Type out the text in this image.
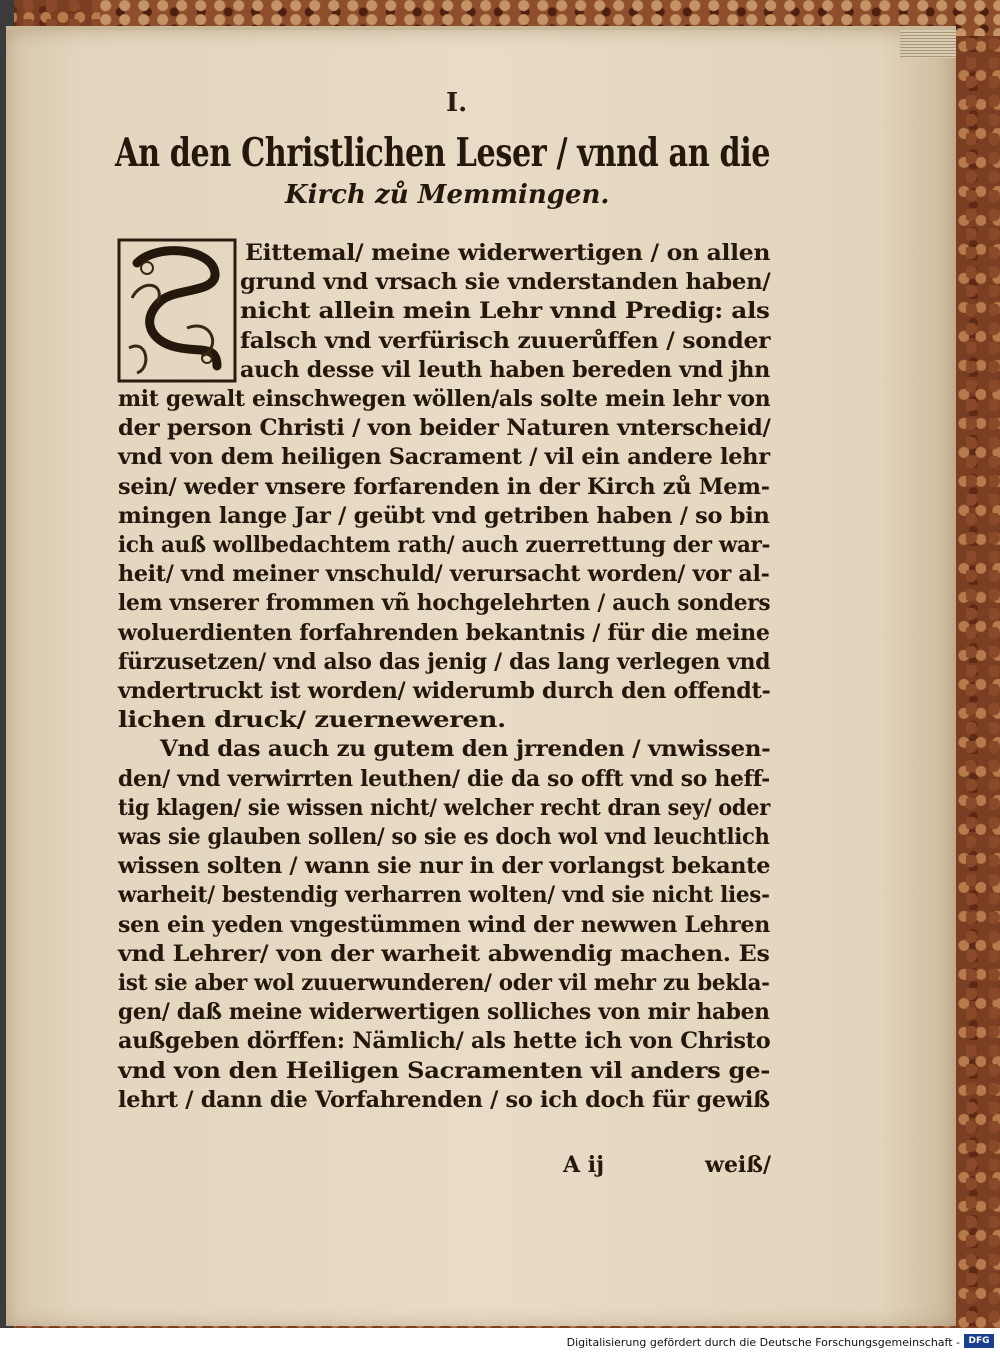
I.
An den Christlichen Leser / vnnd an die
Kirch zů Memmingen.
Eittemal/ meine widerwertigen / on allen
grund vnd vrsach sie vnderstanden haben/
nicht allein mein Lehr vnnd Predig: als
falsch vnd verfürisch zuuerůffen / sonder
auch desse vil leuth haben bereden vnd jhn
mit gewalt einschwegen wöllen/als solte mein lehr von
der person Christi / von beider Naturen vnterscheid/
vnd von dem heiligen Sacrament / vil ein andere lehr
sein/ weder vnsere forfarenden in der Kirch zů Mem-
mingen lange Jar / geübt vnd getriben haben / so bin
ich auß wollbedachtem rath/ auch zuerrettung der war-
heit/ vnd meiner vnschuld/ verursacht worden/ vor al-
lem vnserer frommen vñ hochgelehrten / auch sonders
woluerdienten forfahrenden bekantnis / für die meine
fürzusetzen/ vnd also das jenig / das lang verlegen vnd
vndertruckt ist worden/ widerumb durch den offendt-
lichen druck/ zuerneweren.
Vnd das auch zu gutem den jrrenden / vnwissen-
den/ vnd verwirrten leuthen/ die da so offt vnd so heff-
tig klagen/ sie wissen nicht/ welcher recht dran sey/ oder
was sie glauben sollen/ so sie es doch wol vnd leuchtlich
wissen solten / wann sie nur in der vorlangst bekante
warheit/ bestendig verharren wolten/ vnd sie nicht lies-
sen ein yeden vngestümmen wind der newwen Lehren
vnd Lehrer/ von der warheit abwendig machen. Es
ist sie aber wol zuuerwunderen/ oder vil mehr zu bekla-
gen/ daß meine widerwertigen solliches von mir haben
außgeben dörffen: Nämlich/ als hette ich von Christo
vnd von den Heiligen Sacramenten vil anders ge-
lehrt / dann die Vorfahrenden / so ich doch für gewiß
A ij	weiß/
Digitalisierung gefördert durch die Deutsche Forschungsgemeinschaft - DFG
